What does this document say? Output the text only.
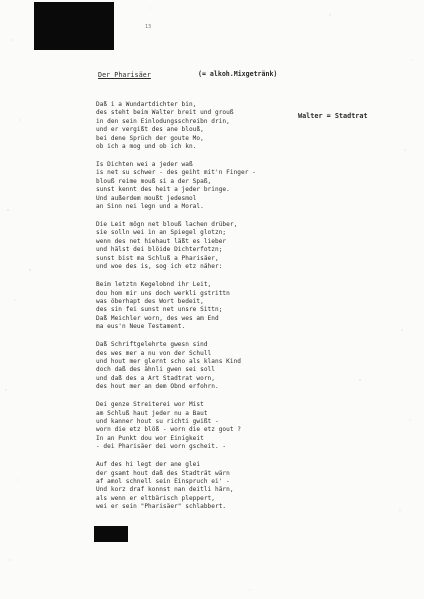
13
Der Pharisäer	(= alkoh.Mixgetränk)
Walter = Stadtrat
Daß i a Wundartdichter bin,
des steht beim Walter breit und grouß
in den sein Einlodungsschreibn drin,
und er vergißt des ane blouß,
bei dene Sprüch der goute Mo,
ob ich a mog und ob ich kn.
Is Dichten wei a jeder waß
is net su schwer - des geiht mit'n Finger -
blouß reime mouß si a der Spaß,
sunst kennt des heit a jeder bringe.
Und außerdem moußt jedesmol
an Sinn nei legn und a Moral.
Die Leit mögn net blouß lachen drüber,
sie solln wei in an Spiegel glotzn;
wenn des net hiehaut läßt es lieber
und hälst dei blöide Dichterfotzn;
sunst bist ma Schluß a Pharisäer,
und woe des is, sog ich etz näher:
Beim letztn Kegelobnd ihr Leit,
dou hom mir uns doch werkli gstrittn
was öberhapt des Wort bedeit,
des sin fei sunst net unsre Sittn;
Daß Meichler worn, des wes am End
ma eus'n Neue Testament.
Daß Schriftgelehrte gwesn sind
des wes mer a nu von der Schull
und hout mer glernt scho als klans Kind
doch daß des ähnli gwen sei soll
und daß des a Art Stadtrat worn,
des hout mer an dem Obnd erfohrn.
Dei genze Streiterei wor Mist
am Schluß haut jeder nu a Baut
und kanner hout su richti gwißt -
worn die etz blöß - worn die etz gout ?
In an Punkt dou wor Einigkeit
- dei Pharisäer dei worn gscheit. -
Auf des hi legt der ane glei
der gsamt hout daß des Stadträt wärn
af amol schnell sein Einspruch ei' -
Und korz draf konnst nan deitli härn,
als wenn er eltbärisch pleppert,
wei er sein "Pharisäer" schlabbert.
